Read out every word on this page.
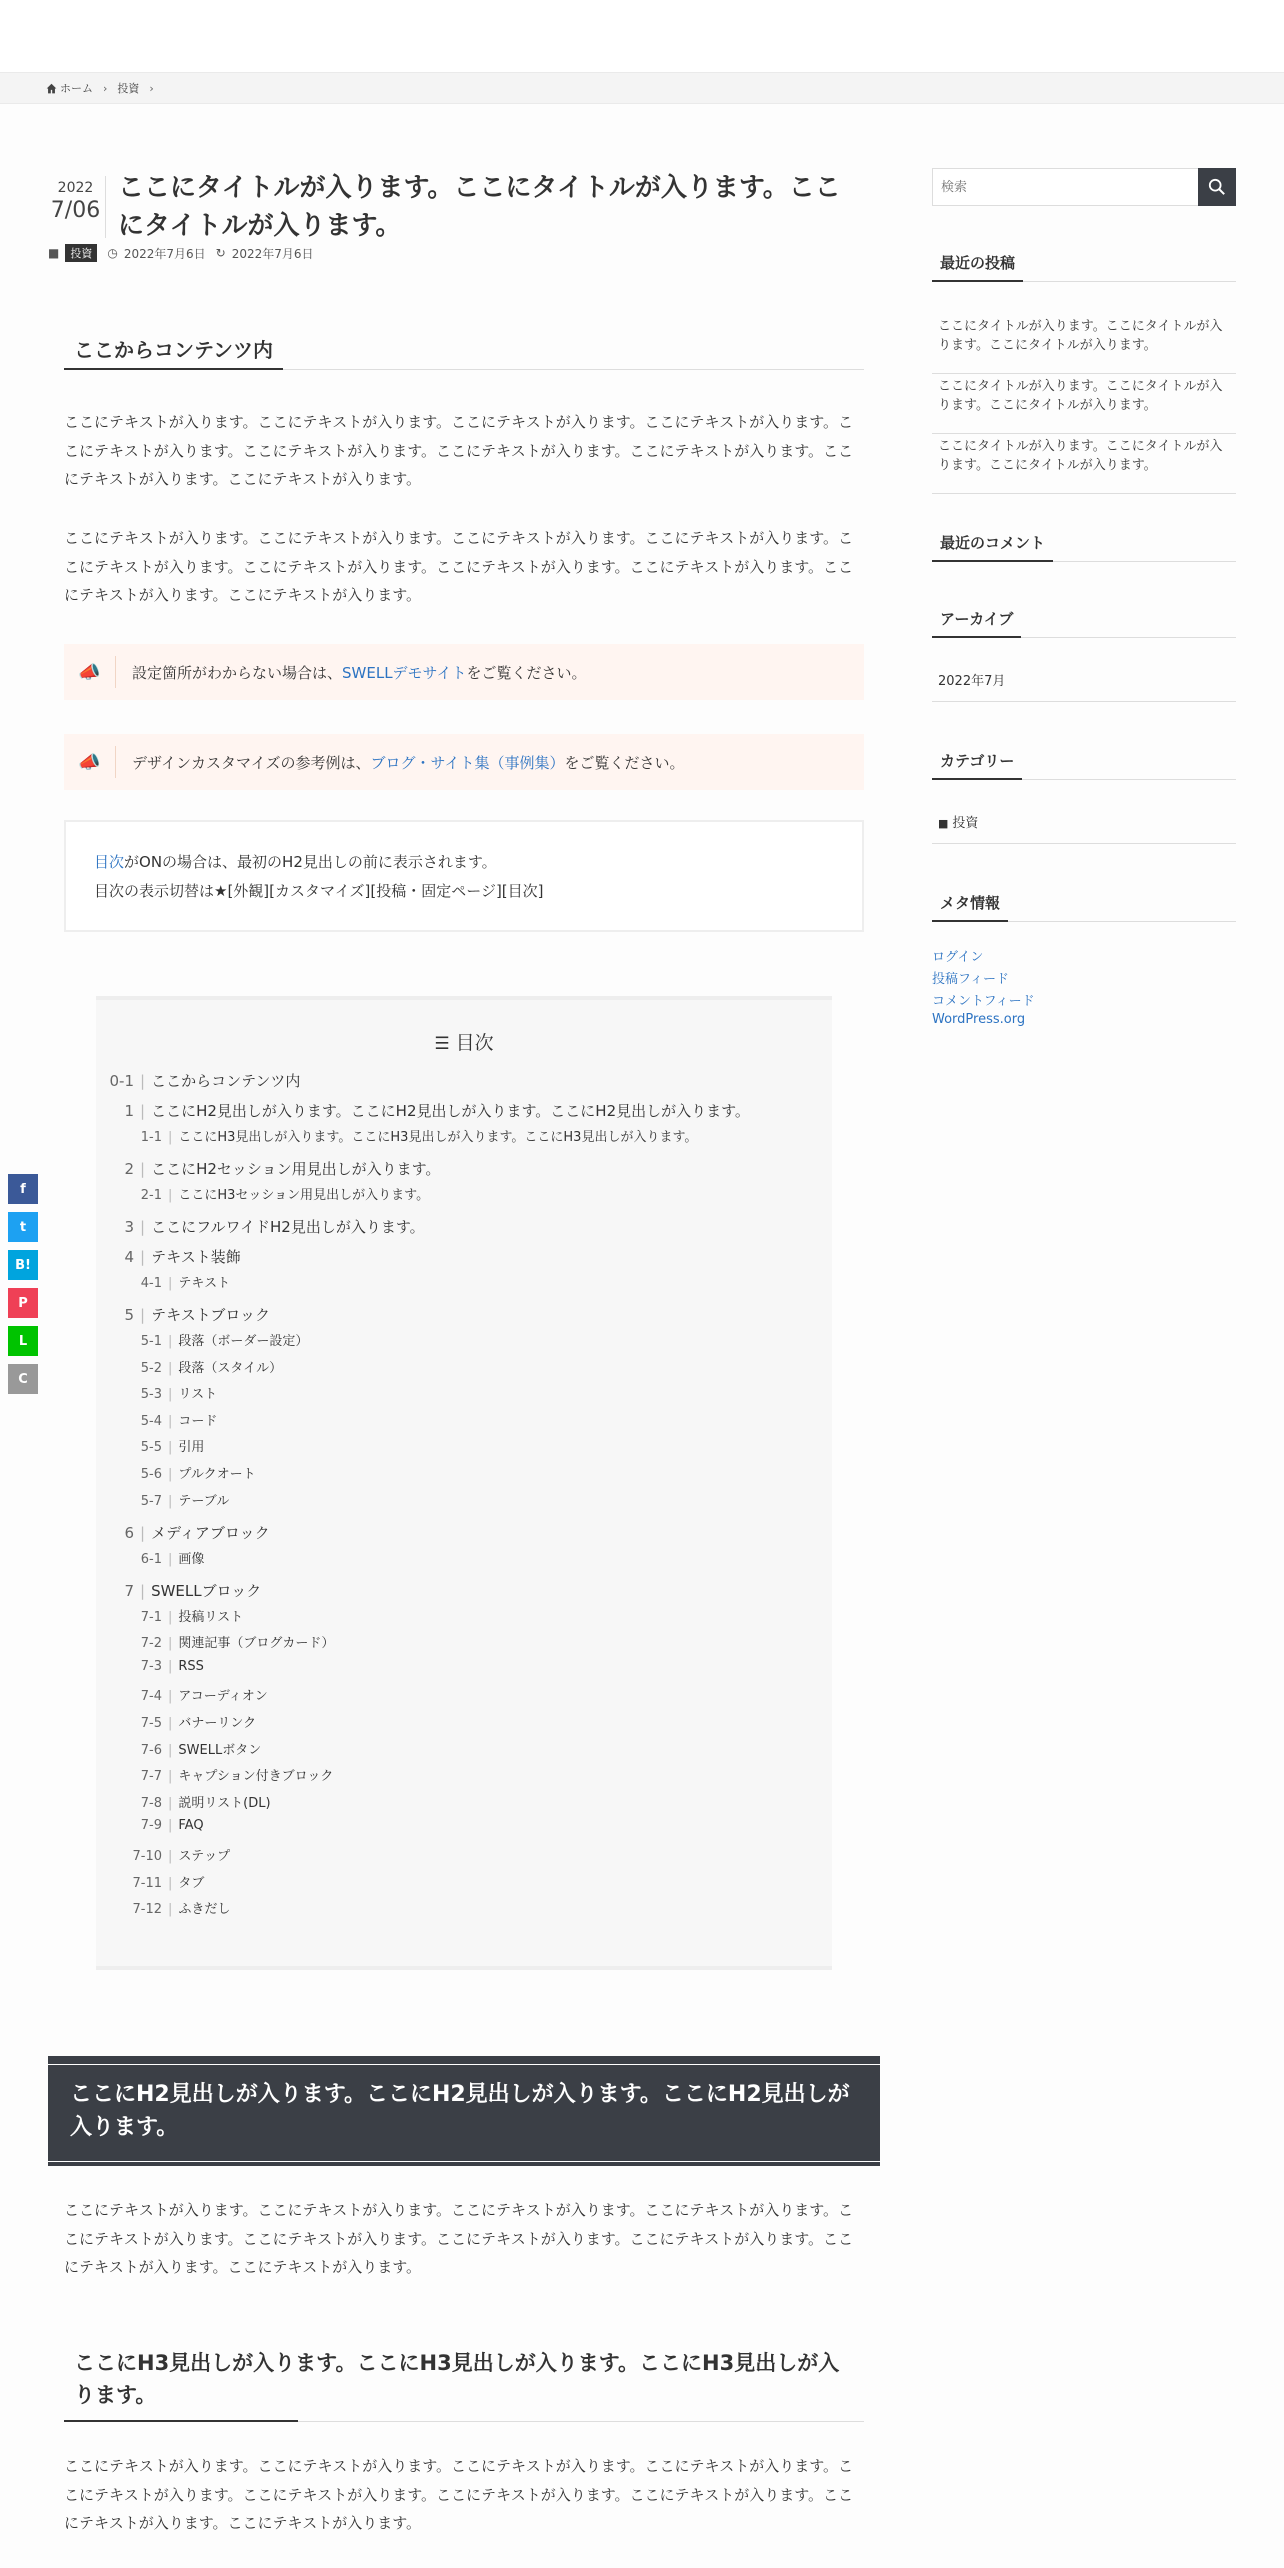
ホーム › 投資 ›
2022
7/06
ここにタイトルが入ります。ここにタイトルが入ります。ここにタイトルが入ります。
■	投資	◷ 2022年7月6日 ↻ 2022年7月6日
ここからコンテンツ内

ここにテキストが入ります。ここにテキストが入ります。ここにテキストが入ります。ここにテキストが入ります。ここにテキストが入ります。ここにテキストが入ります。ここにテキストが入ります。ここにテキストが入ります。ここにテキストが入ります。ここにテキストが入ります。

ここにテキストが入ります。ここにテキストが入ります。ここにテキストが入ります。ここにテキストが入ります。ここにテキストが入ります。ここにテキストが入ります。ここにテキストが入ります。ここにテキストが入ります。ここにテキストが入ります。ここにテキストが入ります。

📣	設定箇所がわからない場合は、SWELLデモサイトをご覧ください。
📣	デザインカスタマイズの参考例は、ブログ・サイト集（事例集）をご覧ください。
目次がONの場合は、最初のH2見出しの前に表示されます。
目次の表示切替は★[外観][カスタマイズ][投稿・固定ページ][目次]
☰ 目次
0-1 | ここからコンテンツ内
1 | ここにH2見出しが入ります。ここにH2見出しが入ります。ここにH2見出しが入ります。
1-1 | ここにH3見出しが入ります。ここにH3見出しが入ります。ここにH3見出しが入ります。
2 | ここにH2セッション用見出しが入ります。
2-1 | ここにH3セッション用見出しが入ります。
3 | ここにフルワイドH2見出しが入ります。
4 | テキスト装飾
4-1 | テキスト
5 | テキストブロック
5-1 | 段落（ボーダー設定）
5-2 | 段落（スタイル）
5-3 | リスト
5-4 | コード
5-5 | 引用
5-6 | プルクオート
5-7 | テーブル
6 | メディアブロック
6-1 | 画像
7 | SWELLブロック
7-1 | 投稿リスト
7-2 | 関連記事（ブログカード）
7-3 | RSS
7-4 | アコーディオン
7-5 | バナーリンク
7-6 | SWELLボタン
7-7 | キャプション付きブロック
7-8 | 説明リスト(DL)
7-9 | FAQ
7-10 | ステップ
7-11 | タブ
7-12 | ふきだし
ここにH2見出しが入ります。ここにH2見出しが入ります。ここにH2見出しが入ります。

ここにテキストが入ります。ここにテキストが入ります。ここにテキストが入ります。ここにテキストが入ります。ここにテキストが入ります。ここにテキストが入ります。ここにテキストが入ります。ここにテキストが入ります。ここにテキストが入ります。ここにテキストが入ります。

ここにH3見出しが入ります。ここにH3見出しが入ります。ここにH3見出しが入ります。

ここにテキストが入ります。ここにテキストが入ります。ここにテキストが入ります。ここにテキストが入ります。ここにテキストが入ります。ここにテキストが入ります。ここにテキストが入ります。ここにテキストが入ります。ここにテキストが入ります。ここにテキストが入ります。

検索
最近の投稿
ここにタイトルが入ります。ここにタイトルが入ります。ここにタイトルが入ります。
ここにタイトルが入ります。ここにタイトルが入ります。ここにタイトルが入ります。
ここにタイトルが入ります。ここにタイトルが入ります。ここにタイトルが入ります。
最近のコメント
アーカイブ
2022年7月
カテゴリー
■ 投資
メタ情報
ログイン
投稿フィード
コメントフィード
WordPress.org
f
t
B!
P
L
C
